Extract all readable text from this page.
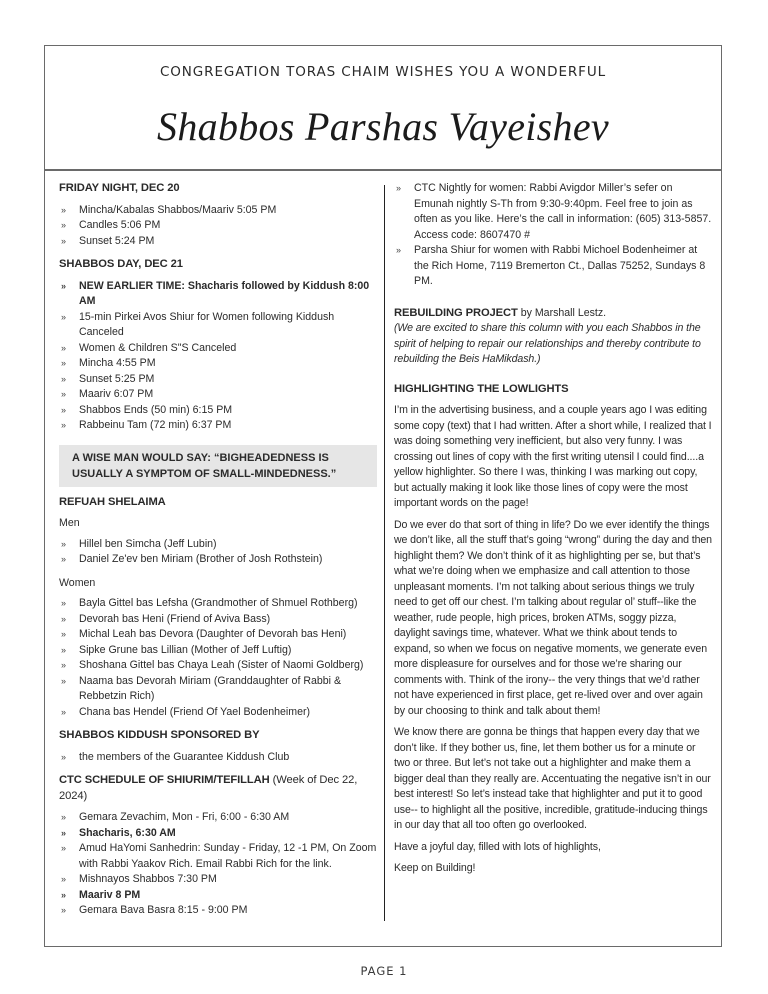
CONGREGATION TORAS CHAIM WISHES YOU A WONDERFUL
Shabbos Parshas Vayeishev
FRIDAY NIGHT, DEC 20
» Mincha/Kabalas Shabbos/Maariv 5:05 PM
» Candles 5:06 PM
» Sunset 5:24 PM
SHABBOS DAY, DEC 21
» NEW EARLIER TIME: Shacharis followed by Kiddush 8:00 AM
» 15-min Pirkei Avos Shiur for Women following Kiddush Canceled
» Women & Children S"S Canceled
» Mincha 4:55 PM
» Sunset 5:25 PM
» Maariv 6:07 PM
» Shabbos Ends (50 min) 6:15 PM
» Rabbeinu Tam (72 min) 6:37 PM
A WISE MAN WOULD SAY: “BIGHEADEDNESS IS USUALLY A SYMPTOM OF SMALL-MINDEDNESS.”
REFUAH SHELAIMA
Men
» Hillel ben Simcha (Jeff Lubin)
» Daniel Ze'ev ben Miriam (Brother of Josh Rothstein)
Women
» Bayla Gittel bas Lefsha (Grandmother of Shmuel Rothberg)
» Devorah bas Heni (Friend of Aviva Bass)
» Michal Leah bas Devora (Daughter of Devorah bas Heni)
» Sipke Grune bas Lillian (Mother of Jeff Luftig)
» Shoshana Gittel bas Chaya Leah (Sister of Naomi Goldberg)
» Naama bas Devorah Miriam (Granddaughter of Rabbi & Rebbetzin Rich)
» Chana bas Hendel (Friend Of Yael Bodenheimer)
SHABBOS KIDDUSH SPONSORED BY
» the members of the Guarantee Kiddush Club
CTC SCHEDULE OF SHIURIM/TEFILLAH (Week of Dec 22, 2024)
» Gemara Zevachim, Mon - Fri, 6:00 - 6:30 AM
» Shacharis, 6:30 AM
» Amud HaYomi Sanhedrin: Sunday - Friday, 12 -1 PM, On Zoom with Rabbi Yaakov Rich. Email Rabbi Rich for the link.
» Mishnayos Shabbos 7:30 PM
» Maariv 8 PM
» Gemara Bava Basra 8:15 - 9:00 PM
» CTC Nightly for women: Rabbi Avigdor Miller’s sefer on Emunah nightly S-Th from 9:30-9:40pm. Feel free to join as often as you like. Here’s the call in information: (605) 313-5857. Access code: 8607470 #
» Parsha Shiur for women with Rabbi Michoel Bodenheimer at the Rich Home, 7119 Bremerton Ct., Dallas 75252, Sundays 8 PM.
REBUILDING PROJECT by Marshall Lestz.

(We are excited to share this column with you each Shabbos in the spirit of helping to repair our relationships and thereby contribute to rebuilding the Beis HaMikdash.)

HIGHLIGHTING THE LOWLIGHTS

I’m in the advertising business, and a couple years ago I was editing some copy (text) that I had written. After a short while, I realized that I was doing something very inefficient, but also very funny. I was crossing out lines of copy with the first writing utensil I could find....a yellow highlighter. So there I was, thinking I was marking out copy, but actually making it look like those lines of copy were the most important words on the page!

Do we ever do that sort of thing in life? Do we ever identify the things we don’t like, all the stuff that’s going “wrong” during the day and then highlight them? We don’t think of it as highlighting per se, but that’s what we’re doing when we emphasize and call attention to those unpleasant moments. I’m not talking about serious things we truly need to get off our chest. I’m talking about regular ol’ stuff--like the weather, rude people, high prices, broken ATMs, soggy pizza, daylight savings time, whatever. What we think about tends to expand, so when we focus on negative moments, we generate even more displeasure for ourselves and for those we’re sharing our comments with. Think of the irony-- the very things that we’d rather not have experienced in first place, get re-lived over and over again by our choosing to think and talk about them!

We know there are gonna be things that happen every day that we don’t like. If they bother us, fine, let them bother us for a minute or two or three. But let’s not take out a highlighter and make them a bigger deal than they really are. Accentuating the negative isn’t in our best interest! So let’s instead take that highlighter and put it to good use-- to highlight all the positive, incredible, gratitude-inducing things in our day that all too often go overlooked.

Have a joyful day, filled with lots of highlights,

Keep on Building!

PAGE 1
